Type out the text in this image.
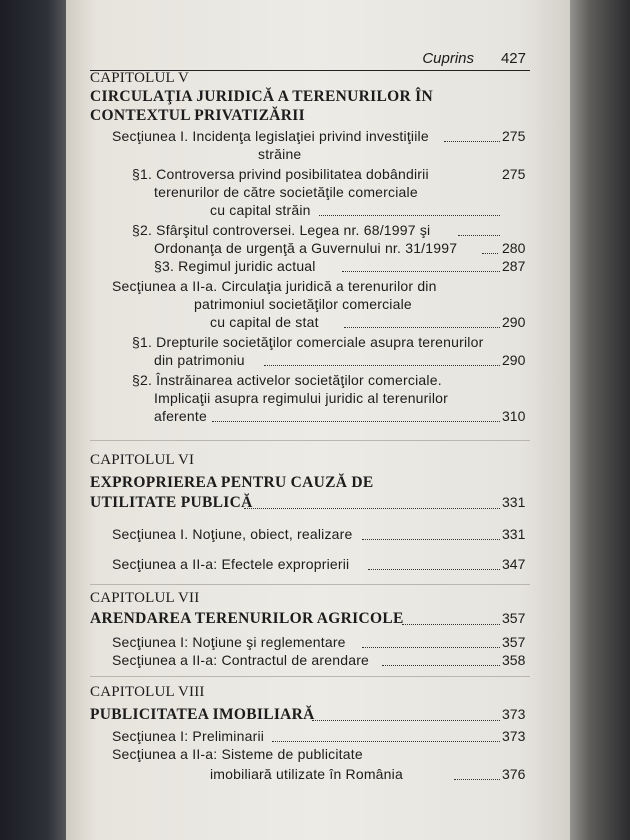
Cuprins 427
CAPITOLUL V
CIRCULAŢIA JURIDICĂ A TERENURILOR ÎN
CONTEXTUL PRIVATIZĂRII
Secţiunea I. Incidenţa legislaţiei privind investiţiile	275
străine
§1. Controversa privind posibilitatea dobândirii	275
terenurilor de către societăţile comerciale
cu capital străin
§2. Sfârşitul controversei. Legea nr. 68/1997 şi
Ordonanţa de urgenţă a Guvernului nr. 31/1997	280
§3. Regimul juridic actual	287
Secţiunea a II-a. Circulaţia juridică a terenurilor din
patrimoniul societăţilor comerciale
cu capital de stat	290
§1. Drepturile societăţilor comerciale asupra terenurilor
din patrimoniu	290
§2. Înstrăinarea activelor societăţilor comerciale.
Implicaţii asupra regimului juridic al terenurilor
aferente	310
CAPITOLUL VI
EXPROPRIEREA PENTRU CAUZĂ DE
UTILITATE PUBLICĂ	331
Secţiunea I. Noţiune, obiect, realizare	331
Secţiunea a II-a: Efectele exproprierii	347
CAPITOLUL VII
ARENDAREA TERENURILOR AGRICOLE	357
Secţiunea I: Noţiune şi reglementare	357
Secţiunea a II-a: Contractul de arendare	358
CAPITOLUL VIII
PUBLICITATEA IMOBILIARĂ	373
Secţiunea I: Preliminarii	373
Secţiunea a II-a: Sisteme de publicitate
imobiliară utilizate în România	376
